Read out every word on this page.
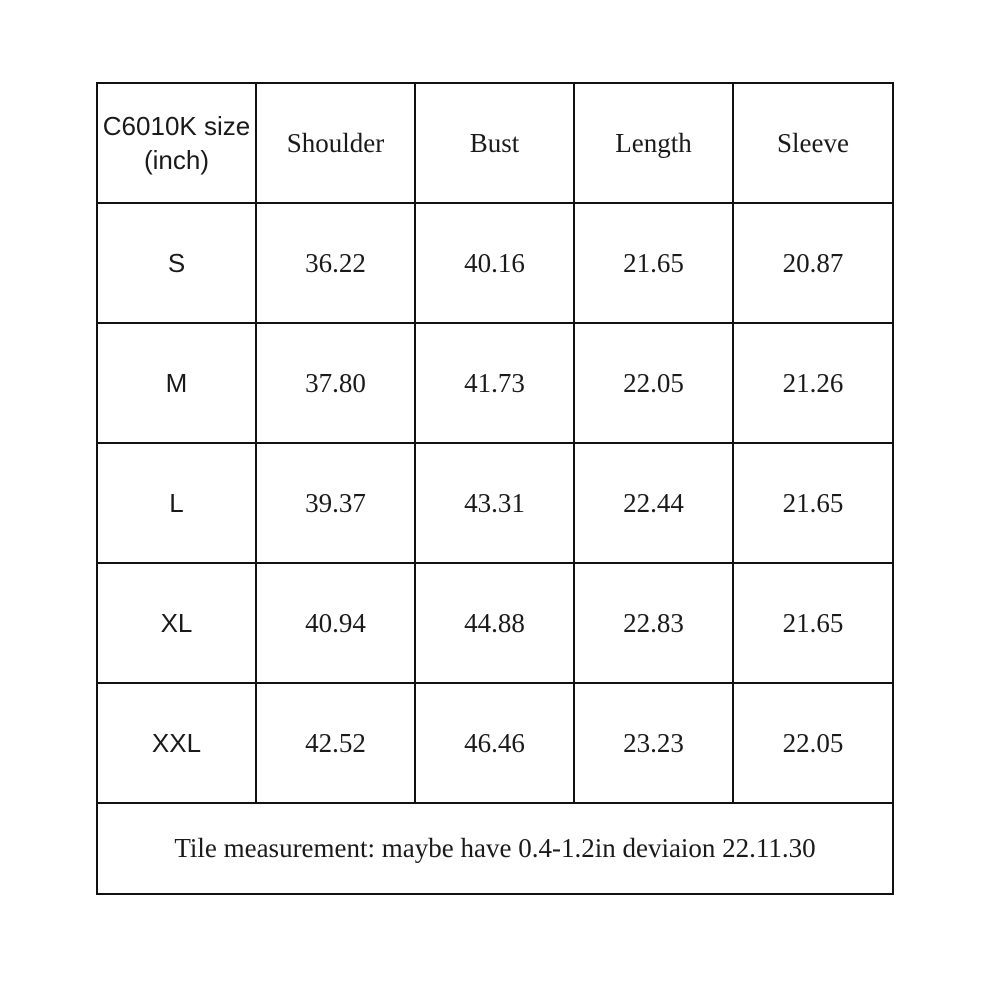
C6010K size
(inch)	Shoulder	Bust	Length	Sleeve
S	36.22	40.16	21.65	20.87
M	37.80	41.73	22.05	21.26
L	39.37	43.31	22.44	21.65
XL	40.94	44.88	22.83	21.65
XXL	42.52	46.46	23.23	22.05
Tile measurement: maybe have 0.4-1.2in deviaion 22.11.30				
